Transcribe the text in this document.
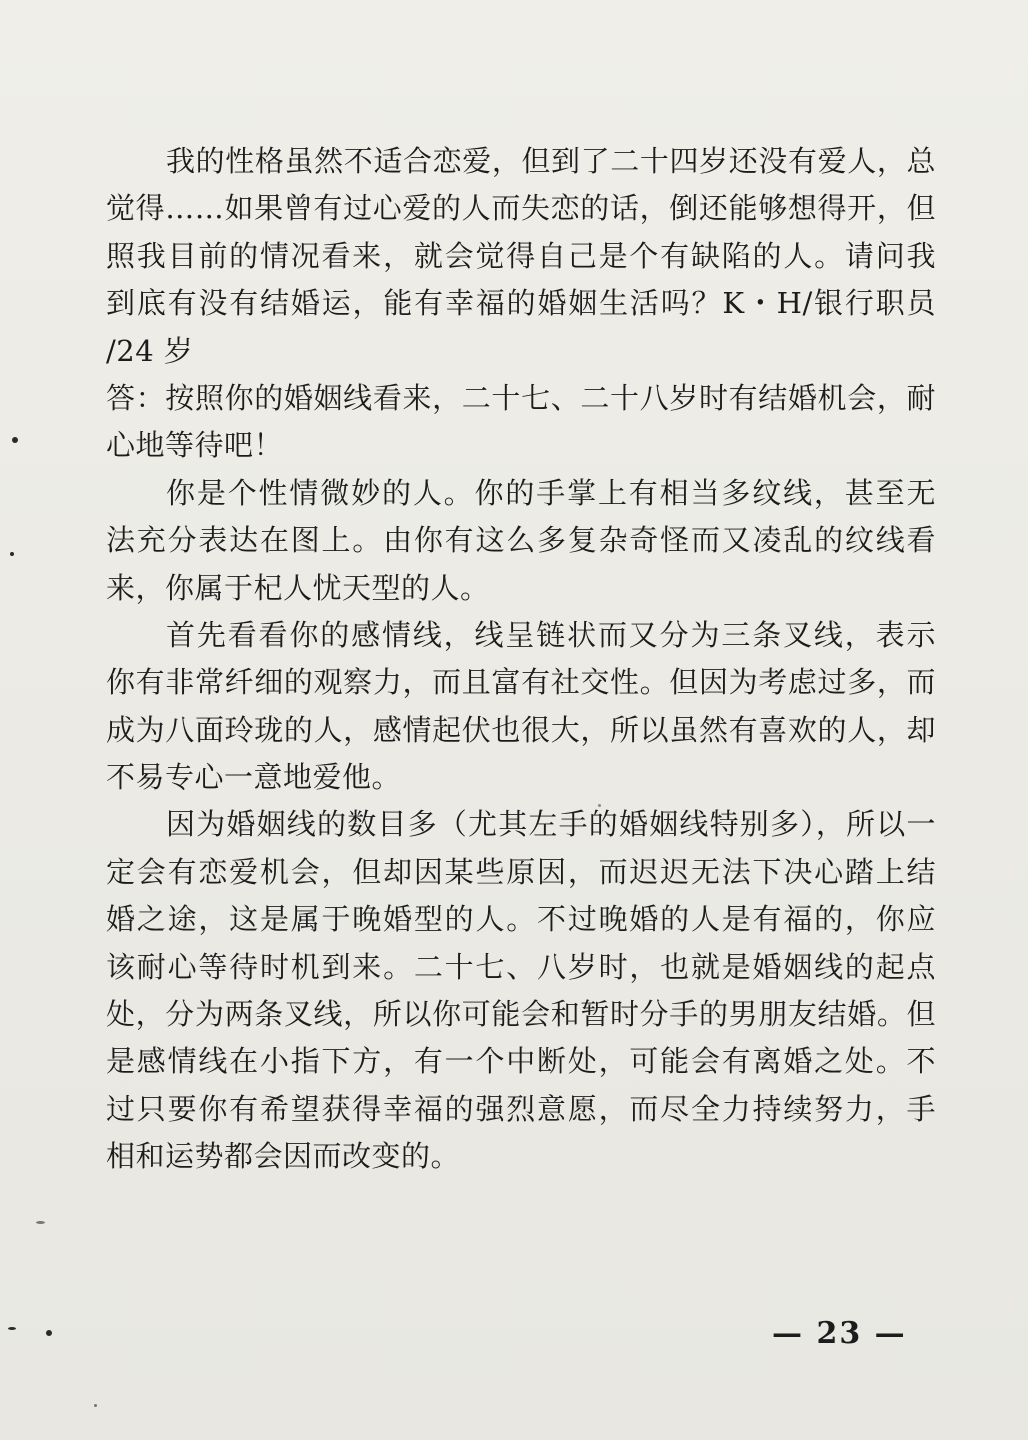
我的性格虽然不适合恋爱，但到了二十四岁还没有爱人，总
觉得……如果曾有过心爱的人而失恋的话，倒还能够想得开，但
照我目前的情况看来，就会觉得自己是个有缺陷的人。请问我
到底有没有结婚运，能有幸福的婚姻生活吗？K・H/银行职员
/24 岁
答：按照你的婚姻线看来，二十七、二十八岁时有结婚机会，耐
心地等待吧！
你是个性情微妙的人。你的手掌上有相当多纹线，甚至无
法充分表达在图上。由你有这么多复杂奇怪而又凌乱的纹线看
来，你属于杞人忧天型的人。
首先看看你的感情线，线呈链状而又分为三条叉线，表示
你有非常纤细的观察力，而且富有社交性。但因为考虑过多，而
成为八面玲珑的人，感情起伏也很大，所以虽然有喜欢的人，却
不易专心一意地爱他。
因为婚姻线的数目多（尤其左手的婚姻线特别多），所以一
定会有恋爱机会，但却因某些原因，而迟迟无法下决心踏上结
婚之途，这是属于晚婚型的人。不过晚婚的人是有福的，你应
该耐心等待时机到来。二十七、八岁时，也就是婚姻线的起点
处，分为两条叉线，所以你可能会和暂时分手的男朋友结婚。但
是感情线在小指下方，有一个中断处，可能会有离婚之处。不
过只要你有希望获得幸福的强烈意愿，而尽全力持续努力，手
相和运势都会因而改变的。
— 23 —
